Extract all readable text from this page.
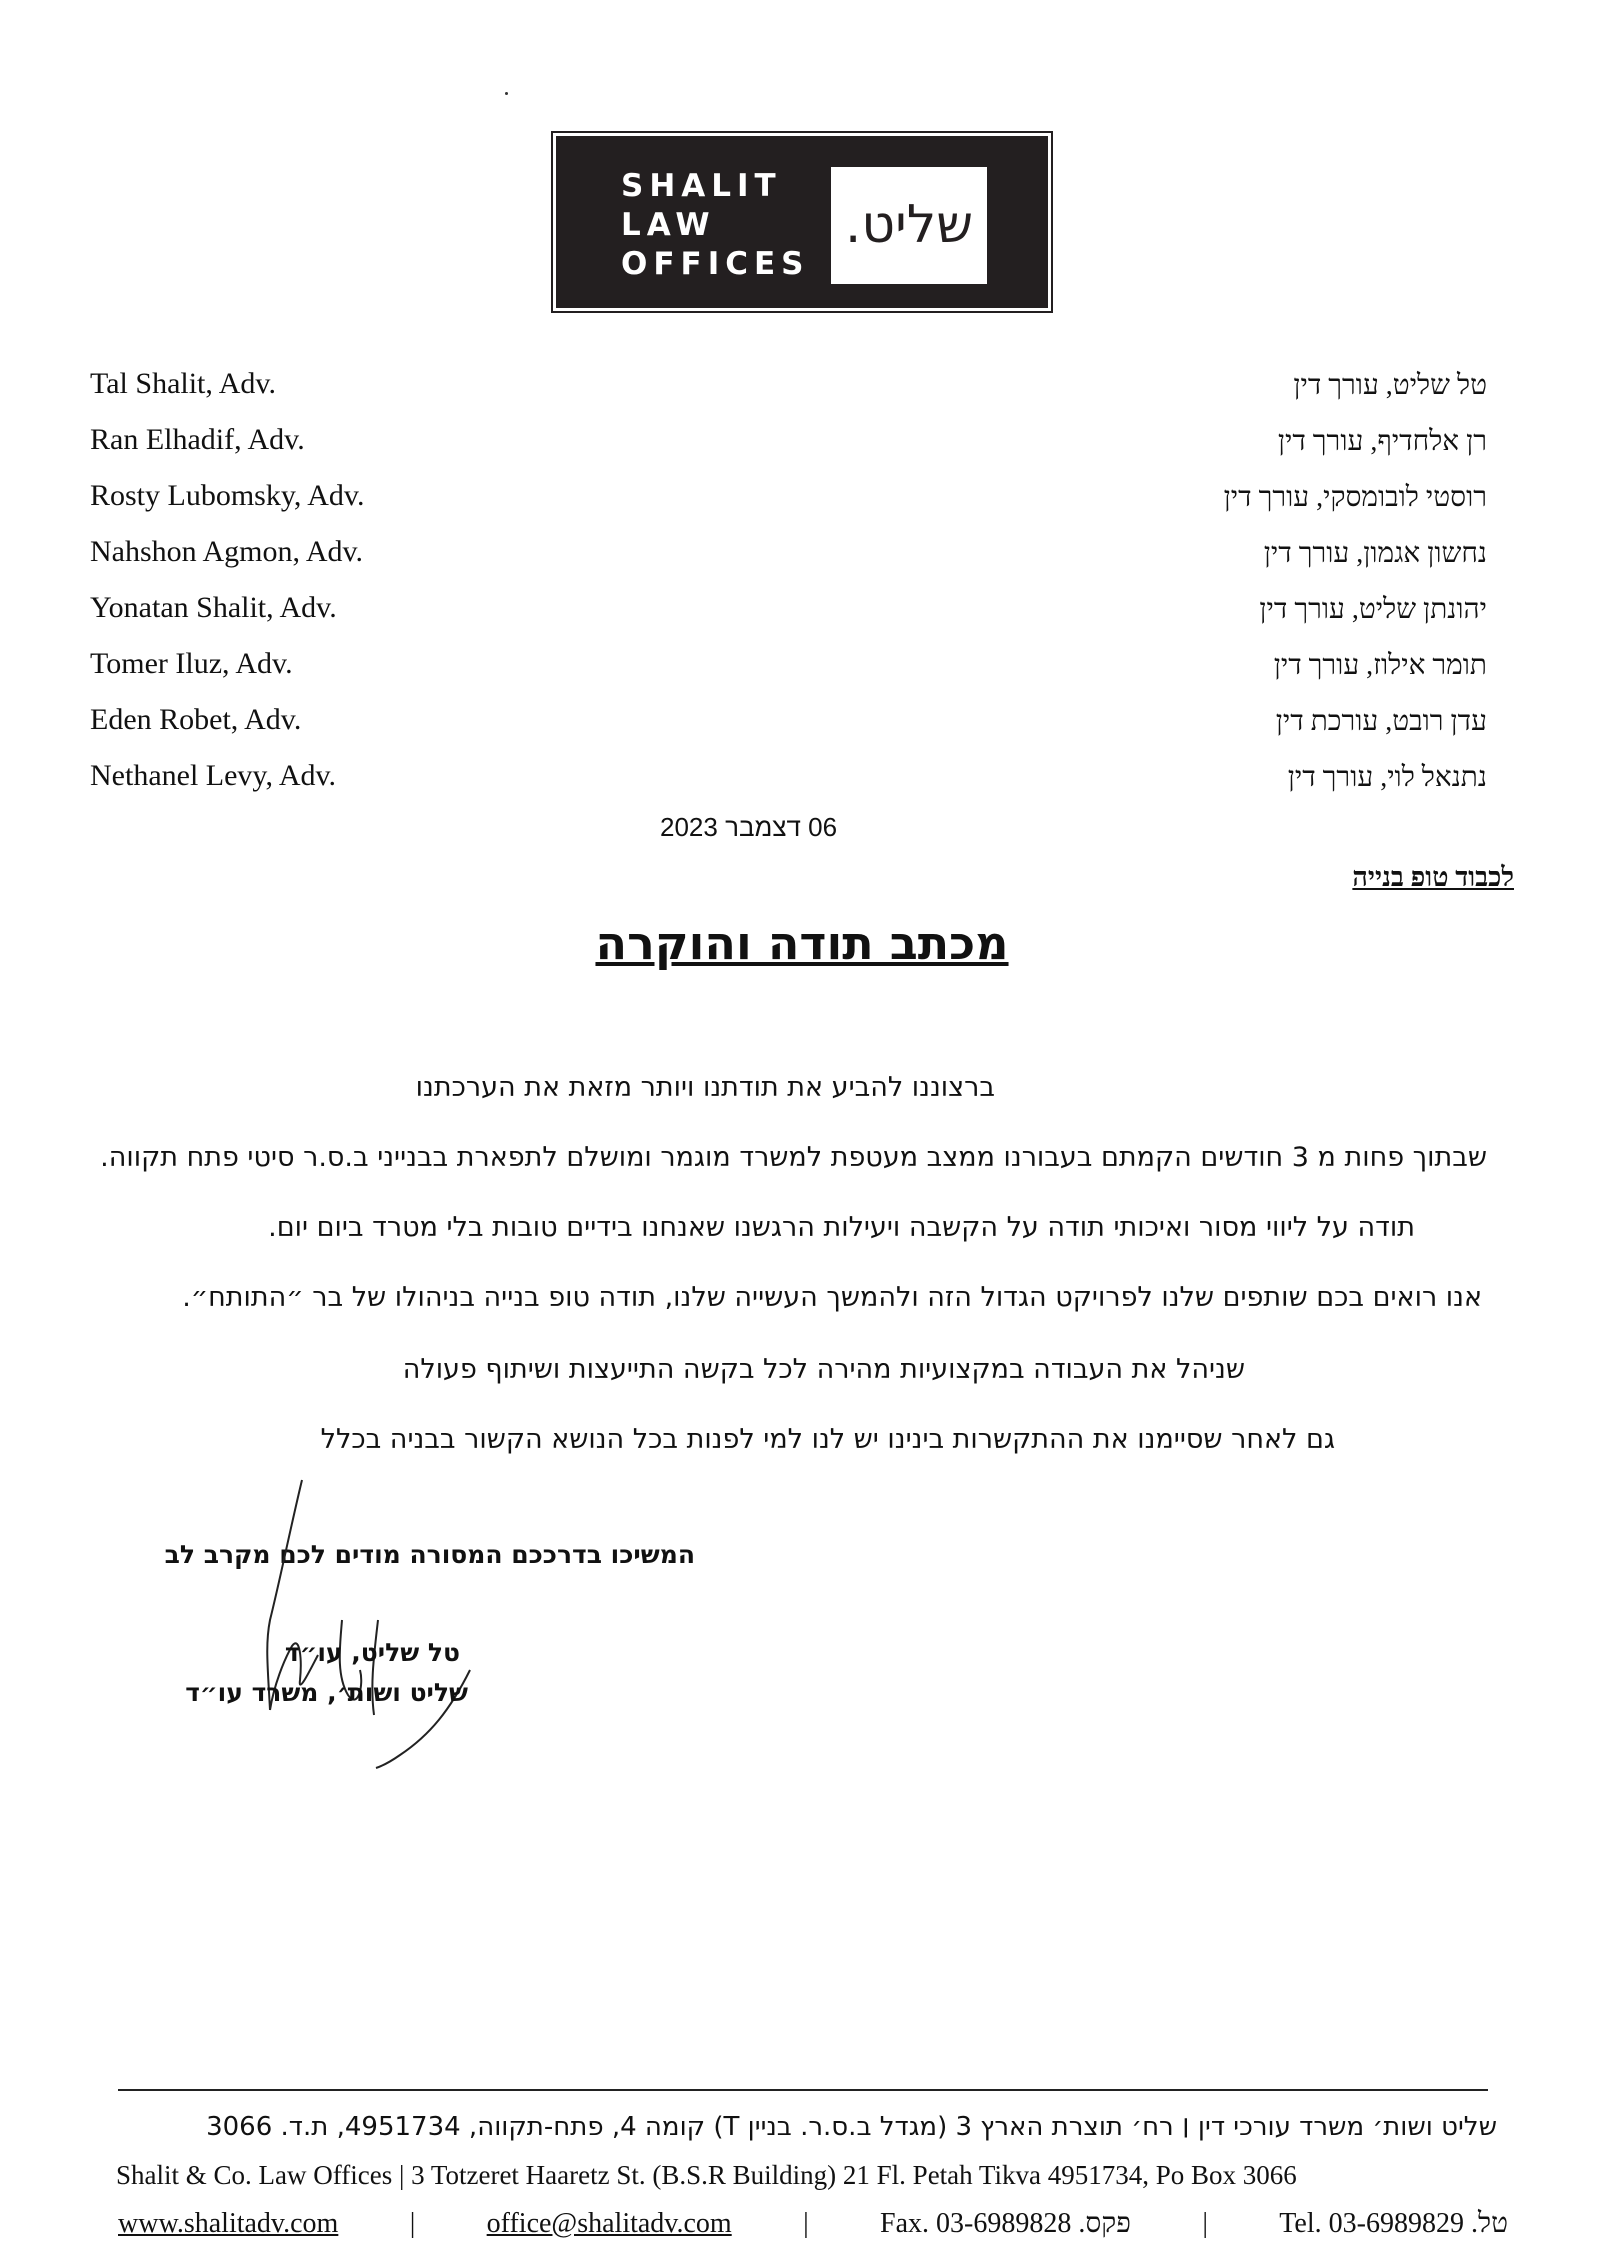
SHALIT
LAW
OFFICES
שליט.
Tal Shalit, Adv.
Ran Elhadif, Adv.
Rosty Lubomsky, Adv.
Nahshon Agmon, Adv.
Yonatan Shalit, Adv.
Tomer Iluz, Adv.
Eden Robet, Adv.
Nethanel Levy, Adv.
טל שליט, עורך דין
רן אלחדיף, עורך דין
רוסטי לובומסקי, עורך דין
נחשון אגמון, עורך דין
יהונתן שליט, עורך דין
תומר אילוז, עורך דין
עדן רובט, עורכת דין
נתנאל לוי, עורך דין
06 דצמבר 2023
לכבוד טופ בנייה
מכתב תודה והוקרה
ברצוננו להביע את תודתנו ויותר מזאת את הערכתנו
שבתוך פחות מ 3 חודשים הקמתם בעבורנו ממצב מעטפת למשרד מוגמר ומושלם לתפארת בבנייני ב.ס.ר סיטי פתח תקווה.
תודה על ליווי מסור ואיכותי תודה על הקשבה ויעילות הרגשנו שאנחנו בידיים טובות בלי מטרד ביום יום.
אנו רואים בכם שותפים שלנו לפרויקט הגדול הזה ולהמשך העשייה שלנו, תודה טופ בנייה בניהולו של בר ״התותח״.
שניהל את העבודה במקצועיות מהירה לכל בקשה התייעצות ושיתוף פעולה
גם לאחר שסיימנו את ההתקשרות בינינו יש לנו למי לפנות בכל הנושא הקשור בבניה בכלל
המשיכו בדרככם המסורה מודים לכם מקרב לב
טל שליט, עו״ד
שליט ושות׳, משרד עו״ד
שליט ושות׳ משרד עורכי דין ׀ רח׳ תוצרת הארץ 3 (מגדל ב.ס.ר. בניין T) קומה 4, פתח-תקווה, 4951734, ת.ד. 3066
Shalit & Co. Law Offices | 3 Totzeret Haaretz St. (B.S.R Building) 21 Fl. Petah Tikva 4951734, Po Box 3066
www.shalitadv.com	|	office@shalitadv.com	|	Fax. 03-6989828 .פקס	|	Tel. 03-6989829 .טל
